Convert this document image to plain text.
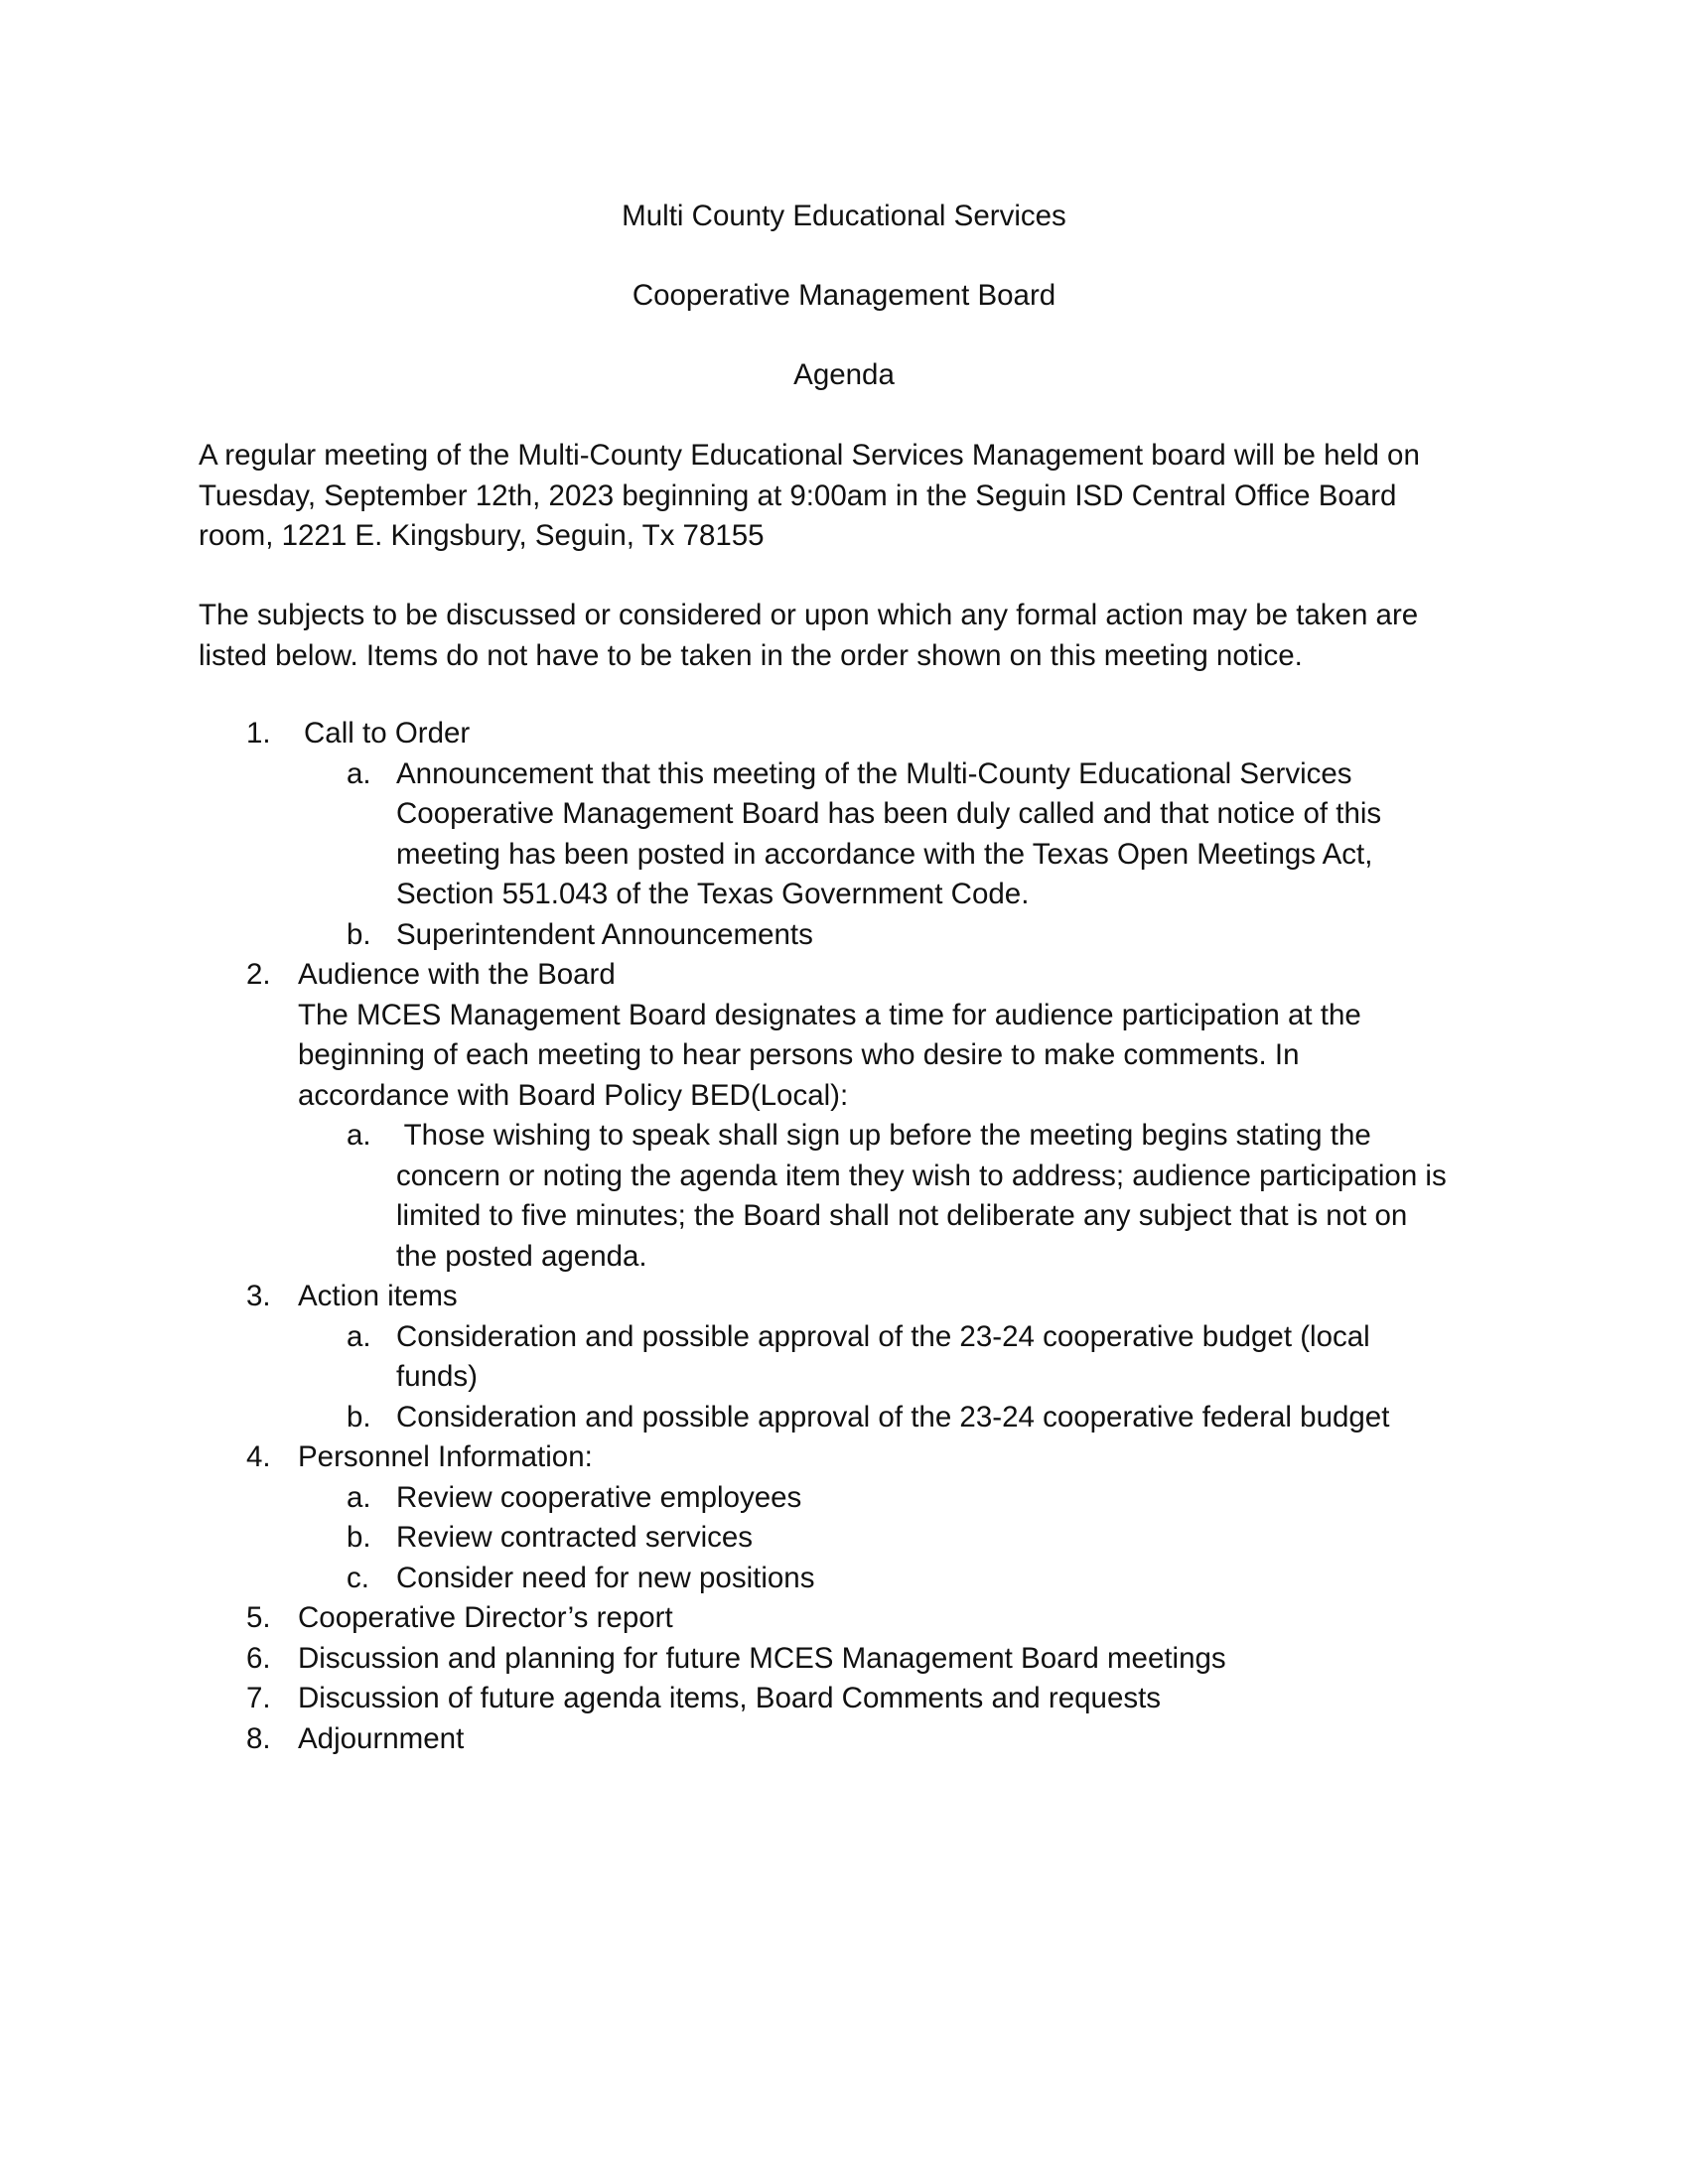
Multi County Educational Services
Cooperative Management Board
Agenda

A regular meeting of the Multi-County Educational Services Management board will be held on
Tuesday, September 12th, 2023 beginning at 9:00am in the Seguin ISD Central Office Board
room, 1221 E. Kingsbury, Seguin, Tx 78155

The subjects to be discussed or considered or upon which any formal action may be taken are
listed below. Items do not have to be taken in the order shown on this meeting notice.

1. Call to Order
a. Announcement that this meeting of the Multi-County Educational Services
Cooperative Management Board has been duly called and that notice of this
meeting has been posted in accordance with the Texas Open Meetings Act,
Section 551.043 of the Texas Government Code.
b. Superintendent Announcements
2. Audience with the Board
The MCES Management Board designates a time for audience participation at the
beginning of each meeting to hear persons who desire to make comments. In
accordance with Board Policy BED(Local):
a. Those wishing to speak shall sign up before the meeting begins stating the
concern or noting the agenda item they wish to address; audience participation is
limited to five minutes; the Board shall not deliberate any subject that is not on
the posted agenda.
3. Action items
a. Consideration and possible approval of the 23-24 cooperative budget (local
funds)
b. Consideration and possible approval of the 23-24 cooperative federal budget
4. Personnel Information:
a. Review cooperative employees
b. Review contracted services
c. Consider need for new positions
5. Cooperative Director’s report
6. Discussion and planning for future MCES Management Board meetings
7. Discussion of future agenda items, Board Comments and requests
8. Adjournment
